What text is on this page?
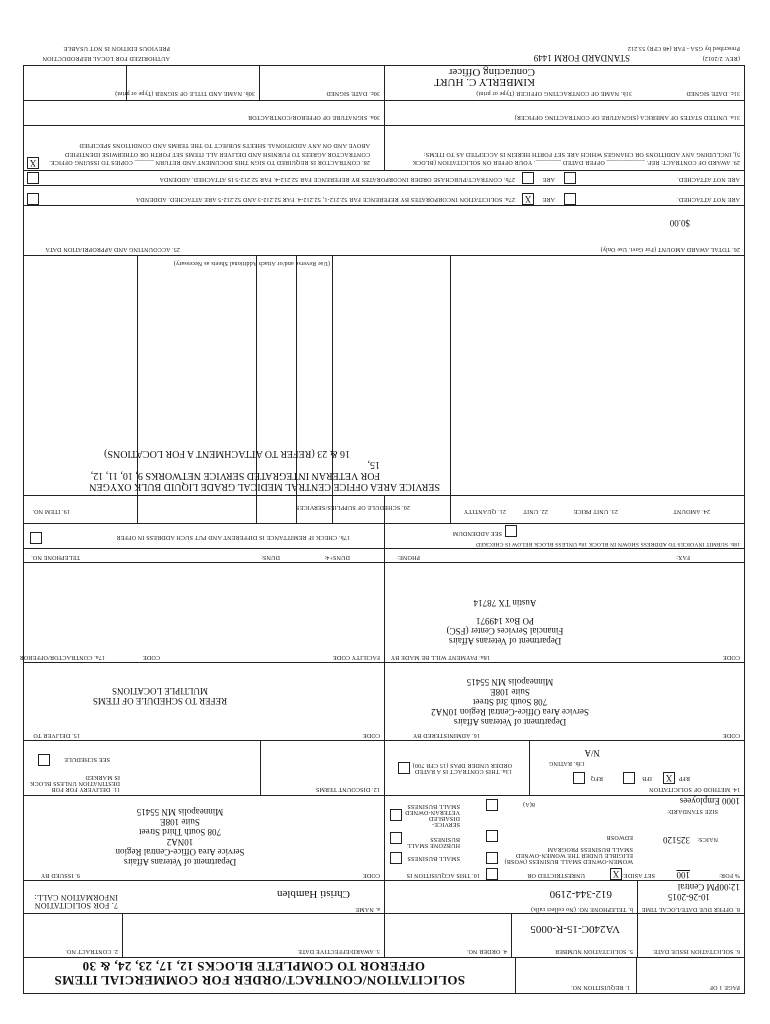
PAGE 1 OF
1. REQUISITION NO.
SOLICITATION/CONTRACT/ORDER FOR COMMERCIAL ITEMS
OFFEROR TO COMPLETE BLOCKS 12, 17, 23, 24, & 30
6. SOLICITATION ISSUE DATE
5. SOLICITATION NUMBER
VA240C-15-R-0005
4. ORDER NO.
3. AWARD/EFFECTIVE DATE
2. CONTRACT NO.
8. OFFER DUE DATE/LOCAL TIME
10-26-2015
12:00PM Central
b. TELEPHONE NO. (No collect calls)
612-344-2190
a. NAME
Christi Hamblen
7. FOR SOLICITATION INFORMATION CALL:
% FOR:
100
SET ASIDE:
X
UNRESTRICTED OR
10. THIS ACQUISITION IS
WOMEN-OWNED SMALL BUSINESS (WOSB) ELIGIBLE UNDER THE WOMEN-OWNED SMALL BUSINESS PROGRAM
EDWOSB
8(A)
SMALL BUSINESS
HUBZONE SMALL BUSINESS
SERVICE-DISABLED VETERAN-OWNED SMALL BUSINESS
NAICS:
325120
SIZE STANDARD:
1000 Employees
CODE
9. ISSUED BY
Department of Veterans Affairs
Service Area Office-Central Region 10NA2
708 South Third Street
Suite 108E
Minneapolis MN 55415
14. METHOD OF SOLICITATION
X	RFP
IFB
RFQ
13b. RATING
N/A
13a. THIS CONTRACT IS A RATED ORDER UNDER DPAS (15 CFR 700)
12. DISCOUNT TERMS
11. DELIVERY FOR FOB DESTINATION UNLESS BLOCK IS MARKED
SEE SCHEDULE
CODE
16. ADMINISTERED BY
Department of Veterans Affairs
Service Area Office-Central Region 10NA2
708 South 3rd Street
Suite 108E
Minneapolis MN 55415
CODE
15. DELIVER TO
REFER TO SCHEDULE OF ITEMS
MULTIPLE LOCATIONS
CODE
18a. PAYMENT WILL BE MADE BY
Department of Veterans Affairs
Financial Services Center (FSC)
PO Box 149971
Austin TX 78714
FAX:
PHONE:
18b. SUBMIT INVOICES TO ADDRESS SHOWN IN BLOCK 18a UNLESS BLOCK BELOW IS CHECKED
SEE ADDENDUM
FACILITY CODE
CODE
17a. CONTRACTOR/OFFEROR
DUNS+4:
DUNS:
TELEPHONE NO.
17b. CHECK IF REMITTANCE IS DIFFERENT AND PUT SUCH ADDRESS IN OFFER
24. AMOUNT
23. UNIT PRICE
22. UNIT
21. QUANTITY
20. SCHEDULE OF SUPPLIES/SERVICES
19. ITEM NO.
SERVICE AREA OFFICE CENTRAL MEDICAL GRADE LIQUID BULK OXYGEN
FOR VETERAN INTEGRATED SERVICE NETWORKS 9, 10, 11, 12, 15,
16 & 23 (REFER TO ATTACHMENT A FOR LOCATIONS)
(Use Reverse and/or Attach Additional Sheets as Necessary)
26. TOTAL AWARD AMOUNT (For Govt. Use Only)
$0.00
25. ACCOUNTING AND APPROPRIATION DATA
ARE NOT ATTACHED.
ARE
X
27a. SOLICITATION INCORPORATES BY REFERENCE FAR 52.212-1, 52.212-4. FAR 52.212-3 AND 52.212-5 ARE ATTACHED. ADDENDA
ARE NOT ATTACHED.
ARE
27b. CONTRACT/PURCHASE ORDER INCORPORATES BY REFERENCE FAR 52.212-4. FAR 52.212-5 IS ATTACHED. ADDENDA
29. AWARD OF CONTRACT: REF. ____________ OFFER DATED ________. YOUR OFFER ON SOLICITATION (BLOCK 5), INCLUDING ANY ADDITIONS OR CHANGES WHICH ARE SET FORTH HEREIN IS ACCEPTED AS TO ITEMS:
28. CONTRACTOR IS REQUIRED TO SIGN THIS DOCUMENT AND RETURN ______ COPIES TO ISSUING OFFICE. CONTRACTOR AGREES TO FURNISH AND DELIVER ALL ITEMS SET FORTH OR OTHERWISE IDENTIFIED ABOVE AND ON ANY ADDITIONAL SHEETS SUBJECT TO THE TERMS AND CONDITIONS SPECIFIED
X
31a. UNITED STATES OF AMERICA (SIGNATURE OF CONTRACTING OFFICER)
30a. SIGNATURE OF OFFEROR/CONTRACTOR
31c. DATE SIGNED
31b. NAME OF CONTRACTING OFFICER (Type or print)
KIMBERLY C. HURT
Contracting Officer
30c. DATE SIGNED
30b. NAME AND TITLE OF SIGNER (Type or print)
(REV. 2/2012)
Prescribed by GSA - FAR (48 CFR) 53.212
STANDARD FORM 1449
AUTHORIZED FOR LOCAL REPRODUCTION
PREVIOUS EDITION IS NOT USABLE
